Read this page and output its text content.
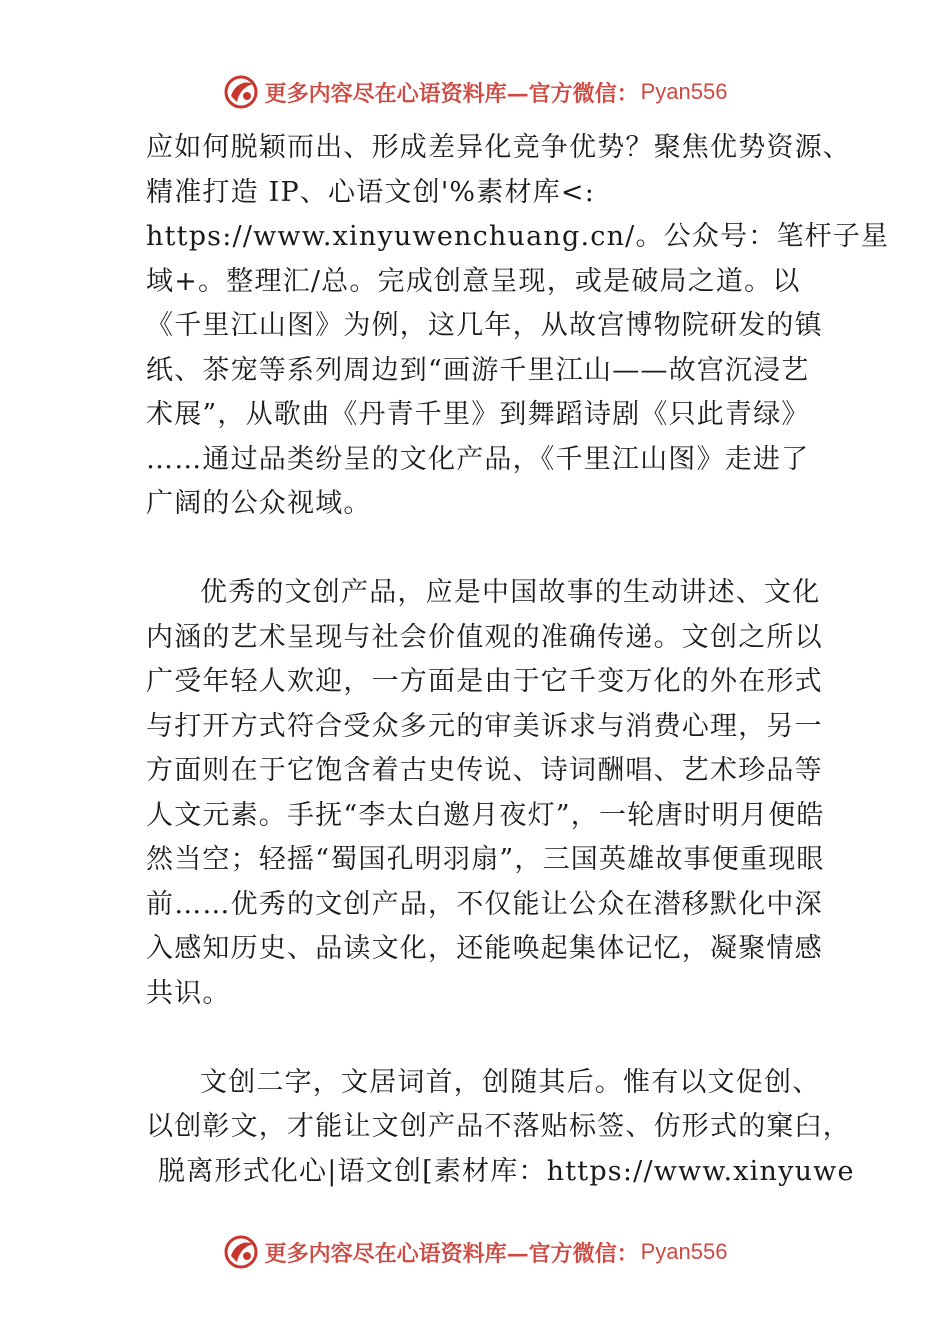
更多内容尽在心语资料库—官方微信： Pyan556
应如何脱颖而出、形成差异化竞争优势？聚焦优势资源、
精准打造 IP、心语文创'%素材库<:
https://www.xinyuwenchuang.cn/。公众号：笔杆子星
域+。整理汇/总。完成创意呈现，或是破局之道。以
《千里江山图》为例，这几年，从故宫博物院研发的镇
纸、茶宠等系列周边到“画游千里江山——故宫沉浸艺
术展”，从歌曲《丹青千里》到舞蹈诗剧《只此青绿》
……通过品类纷呈的文化产品，《千里江山图》走进了
广阔的公众视域。
优秀的文创产品，应是中国故事的生动讲述、文化
内涵的艺术呈现与社会价值观的准确传递。文创之所以
广受年轻人欢迎，一方面是由于它千变万化的外在形式
与打开方式符合受众多元的审美诉求与消费心理，另一
方面则在于它饱含着古史传说、诗词酬唱、艺术珍品等
人文元素。手抚“李太白邀月夜灯”，一轮唐时明月便皓
然当空；轻摇“蜀国孔明羽扇”，三国英雄故事便重现眼
前……优秀的文创产品，不仅能让公众在潜移默化中深
入感知历史、品读文化，还能唤起集体记忆，凝聚情感
共识。
文创二字，文居词首，创随其后。惟有以文促创、
以创彰文，才能让文创产品不落贴标签、仿形式的窠臼，
脱离形式化心|语文创[素材库：https://www.xinyuwe
更多内容尽在心语资料库—官方微信： Pyan556
